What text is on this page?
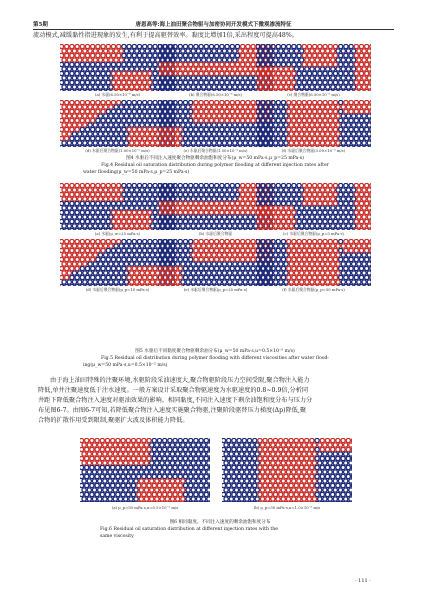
第5期	唐恩高等:海上油田聚合物驱与加密协同开发模式下微观渗流特征
流动模式,减缓黏性指进现象的发生,有利于提高驱替效率。黏度比增加1倍,采出程度可提高48%。
(a) 水驱(6.50×10⁻⁶ m/s)	(b) 聚合物驱(6.50×10⁻⁶ m/s)	(c) 聚合物驱(6.50×10⁻⁶ m/s)
(d) 水驱后聚合物驱(1.00×10⁻⁵ m/s)	(e) 水驱后聚合物驱(1.50×10⁻⁵ m/s)	(f) 水驱后聚合物驱(3.00×10⁻⁵ m/s)
图4 水驱后不同注入速度聚合物驱剩余油饱和度分布(μ_w=50 mPa·s,μ_p=25 mPa·s)
Fig.4 Residual oil saturation distribution during polymer flooding at different injection rates after
water flooding(μ_w=50 mPa·s,μ_p=25 mPa·s)
(a) 水驱(μ_w=25 mPa·s)	(b) 水驱后聚合物驱	(c) 水驱后聚合物驱(μ_p=5 mPa·s)
(d) 水驱后聚合物驱(μ_p=10 mPa·s)	(e) 水驱后聚合物驱(μ_p=25 mPa·s)	(f) 水驱后聚合物驱(μ_p=50 mPa·s)
图5 水驱后不同黏度聚合物驱剩余油分布(μ_w=50 mPa·s,u=0.5×10⁻⁵ m/s)
Fig.5 Residual oil distribution during polymer flooding with different viscosities after water flood-
ing(μ_w=50 mPa·s,u=0.5×10⁻⁵ m/s)
由于海上油田特殊的注聚环境,水驱阶段采油速度大,聚合物驱阶段压力空间受限,聚合物注入能力
降低,单井注聚速度低于注水速度。一般方案设计采取聚合物驱速度为水驱速度的0.8~0.9倍,分析同
井距下降低聚合物注入速度对驱油效果的影响。相同黏度,不同注入速度下剩余油饱和度分布与压力分
布见图6-7。由图6-7可知,若降低聚合物注入速度实施聚合物驱,注聚阶段驱替压力梯度(Δp)降低,聚
合物的扩散作用受到限制,聚驱扩大波及体积能力降低。
(a) μ_p=50 mPa·s,u=0.5×10⁻⁵ m/s	(b) μ_p=50 mPa·s,u=1.0×10⁻⁵ m/s
图6 相同黏度、不同注入速度的剩余油饱和度分布
Fig.6 Residual oil saturation distribution at different injection rates with the
same viscosity
· 111 ·
